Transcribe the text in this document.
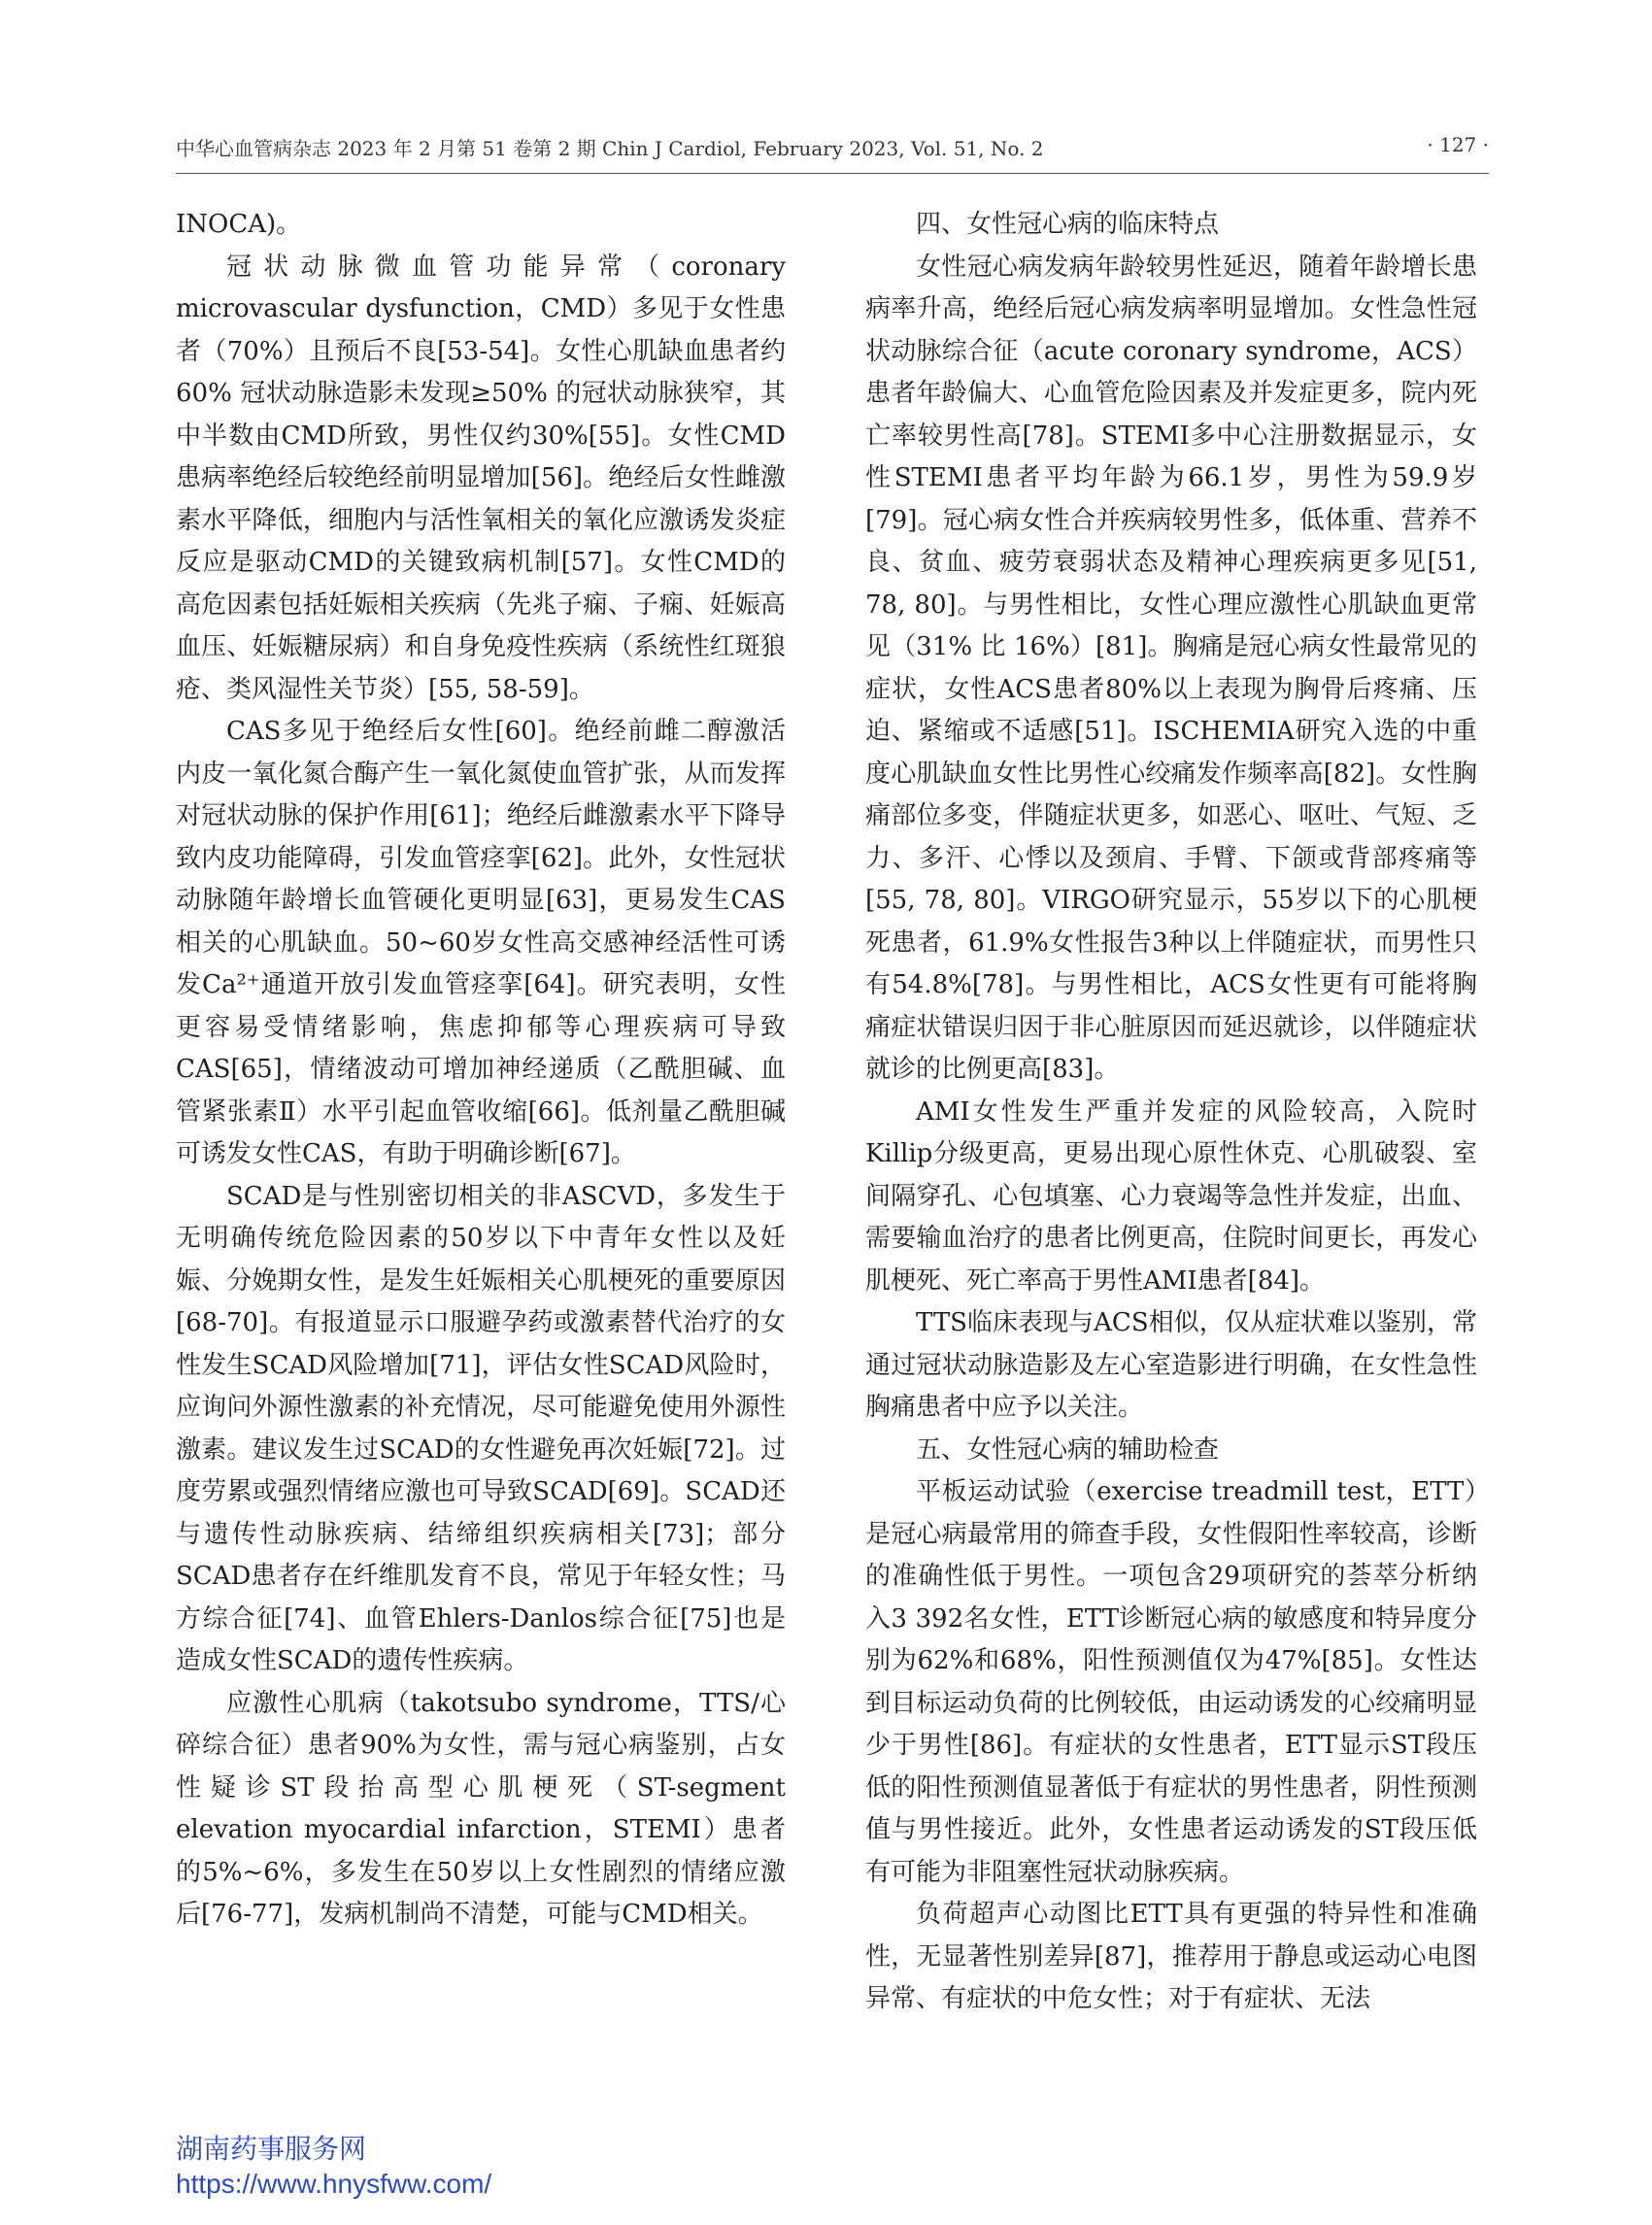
中华心血管病杂志 2023 年 2 月第 51 卷第 2 期 Chin J Cardiol, February 2023, Vol. 51, No. 2	· 127 ·

INOCA)。

冠状动脉微血管功能异常（coronary microvascular dysfunction，CMD）多见于女性患者（70%）且预后不良[53-54]。女性心肌缺血患者约60% 冠状动脉造影未发现≥50% 的冠状动脉狭窄，其中半数由CMD所致，男性仅约30%[55]。女性CMD患病率绝经后较绝经前明显增加[56]。绝经后女性雌激素水平降低，细胞内与活性氧相关的氧化应激诱发炎症反应是驱动CMD的关键致病机制[57]。女性CMD的高危因素包括妊娠相关疾病（先兆子痫、子痫、妊娠高血压、妊娠糖尿病）和自身免疫性疾病（系统性红斑狼疮、类风湿性关节炎）[55, 58-59]。

CAS多见于绝经后女性[60]。绝经前雌二醇激活内皮一氧化氮合酶产生一氧化氮使血管扩张，从而发挥对冠状动脉的保护作用[61]；绝经后雌激素水平下降导致内皮功能障碍，引发血管痉挛[62]。此外，女性冠状动脉随年龄增长血管硬化更明显[63]，更易发生CAS相关的心肌缺血。50~60岁女性高交感神经活性可诱发Ca²⁺通道开放引发血管痉挛[64]。研究表明，女性更容易受情绪影响，焦虑抑郁等心理疾病可导致CAS[65]，情绪波动可增加神经递质（乙酰胆碱、血管紧张素Ⅱ）水平引起血管收缩[66]。低剂量乙酰胆碱可诱发女性CAS，有助于明确诊断[67]。

SCAD是与性别密切相关的非ASCVD，多发生于无明确传统危险因素的50岁以下中青年女性以及妊娠、分娩期女性，是发生妊娠相关心肌梗死的重要原因[68-70]。有报道显示口服避孕药或激素替代治疗的女性发生SCAD风险增加[71]，评估女性SCAD风险时，应询问外源性激素的补充情况，尽可能避免使用外源性激素。建议发生过SCAD的女性避免再次妊娠[72]。过度劳累或强烈情绪应激也可导致SCAD[69]。SCAD还与遗传性动脉疾病、结缔组织疾病相关[73]；部分SCAD患者存在纤维肌发育不良，常见于年轻女性；马方综合征[74]、血管Ehlers-Danlos综合征[75]也是造成女性SCAD的遗传性疾病。

应激性心肌病（takotsubo syndrome，TTS/心碎综合征）患者90%为女性，需与冠心病鉴别，占女性疑诊ST段抬高型心肌梗死（ST-segment elevation myocardial infarction，STEMI）患者的5%~6%，多发生在50岁以上女性剧烈的情绪应激后[76-77]，发病机制尚不清楚，可能与CMD相关。

四、女性冠心病的临床特点

女性冠心病发病年龄较男性延迟，随着年龄增长患病率升高，绝经后冠心病发病率明显增加。女性急性冠状动脉综合征（acute coronary syndrome，ACS）患者年龄偏大、心血管危险因素及并发症更多，院内死亡率较男性高[78]。STEMI多中心注册数据显示，女性STEMI患者平均年龄为66.1岁，男性为59.9岁[79]。冠心病女性合并疾病较男性多，低体重、营养不良、贫血、疲劳衰弱状态及精神心理疾病更多见[51, 78, 80]。与男性相比，女性心理应激性心肌缺血更常见（31% 比 16%）[81]。胸痛是冠心病女性最常见的症状，女性ACS患者80%以上表现为胸骨后疼痛、压迫、紧缩或不适感[51]。ISCHEMIA研究入选的中重度心肌缺血女性比男性心绞痛发作频率高[82]。女性胸痛部位多变，伴随症状更多，如恶心、呕吐、气短、乏力、多汗、心悸以及颈肩、手臂、下颌或背部疼痛等[55, 78, 80]。VIRGO研究显示，55岁以下的心肌梗死患者，61.9%女性报告3种以上伴随症状，而男性只有54.8%[78]。与男性相比，ACS女性更有可能将胸痛症状错误归因于非心脏原因而延迟就诊，以伴随症状就诊的比例更高[83]。

AMI女性发生严重并发症的风险较高，入院时Killip分级更高，更易出现心原性休克、心肌破裂、室间隔穿孔、心包填塞、心力衰竭等急性并发症，出血、需要输血治疗的患者比例更高，住院时间更长，再发心肌梗死、死亡率高于男性AMI患者[84]。

TTS临床表现与ACS相似，仅从症状难以鉴别，常通过冠状动脉造影及左心室造影进行明确，在女性急性胸痛患者中应予以关注。

五、女性冠心病的辅助检查

平板运动试验（exercise treadmill test，ETT）是冠心病最常用的筛查手段，女性假阳性率较高，诊断的准确性低于男性。一项包含29项研究的荟萃分析纳入3 392名女性，ETT诊断冠心病的敏感度和特异度分别为62%和68%，阳性预测值仅为47%[85]。女性达到目标运动负荷的比例较低，由运动诱发的心绞痛明显少于男性[86]。有症状的女性患者，ETT显示ST段压低的阳性预测值显著低于有症状的男性患者，阴性预测值与男性接近。此外，女性患者运动诱发的ST段压低有可能为非阻塞性冠状动脉疾病。

负荷超声心动图比ETT具有更强的特异性和准确性，无显著性别差异[87]，推荐用于静息或运动心电图异常、有症状的中危女性；对于有症状、无法

湖南药事服务网
https://www.hnysfww.com/
